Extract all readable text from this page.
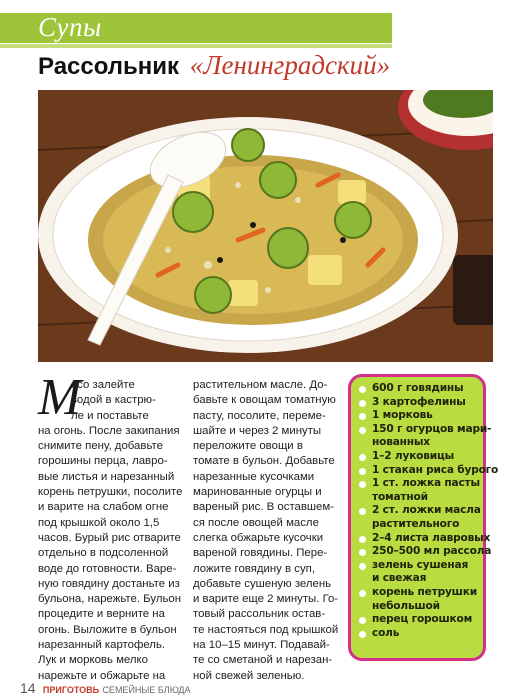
Супы
Рассольник «Ленинградский»
М
ясо залейте
водой в кастрю-
ле и поставьте
на огонь. После закипания
снимите пену, добавьте
горошины перца, лавро-
вые листья и нарезанный
корень петрушки, посолите
и варите на слабом огне
под крышкой около 1,5
часов. Бурый рис отварите
отдельно в подсоленной
воде до готовности. Варе-
ную говядину достаньте из
бульона, нарежьте. Бульон
процедите и верните на
огонь. Выложите в бульон
нарезанный картофель.
Лук и морковь мелко
нарежьте и обжарьте на
растительном масле. До-
бавьте к овощам томатную
пасту, посолите, переме-
шайте и через 2 минуты
переложите овощи в
томате в бульон. Добавьте
нарезанные кусочками
маринованные огурцы и
вареный рис. В оставшем-
ся после овощей масле
слегка обжарьте кусочки
вареной говядины. Пере-
ложите говядину в суп,
добавьте сушеную зелень
и варите еще 2 минуты. Го-
товый рассольник остав-
те настояться под крышкой
на 10–15 минут. Подавай-
те со сметаной и нарезан-
ной свежей зеленью.
600 г говядины
3 картофелины
1 морковь
150 г огурцов мари-
нованных
1–2 луковицы
1 стакан риса бурого
1 ст. ложка пасты
томатной
2 ст. ложки масла
растительного
2–4 листа лавровых
250–500 мл рассола
зелень сушеная
и свежая
корень петрушки
небольшой
перец горошком
соль
14 ПРИГОТОВЬ СЕМЕЙНЫЕ БЛЮДА
